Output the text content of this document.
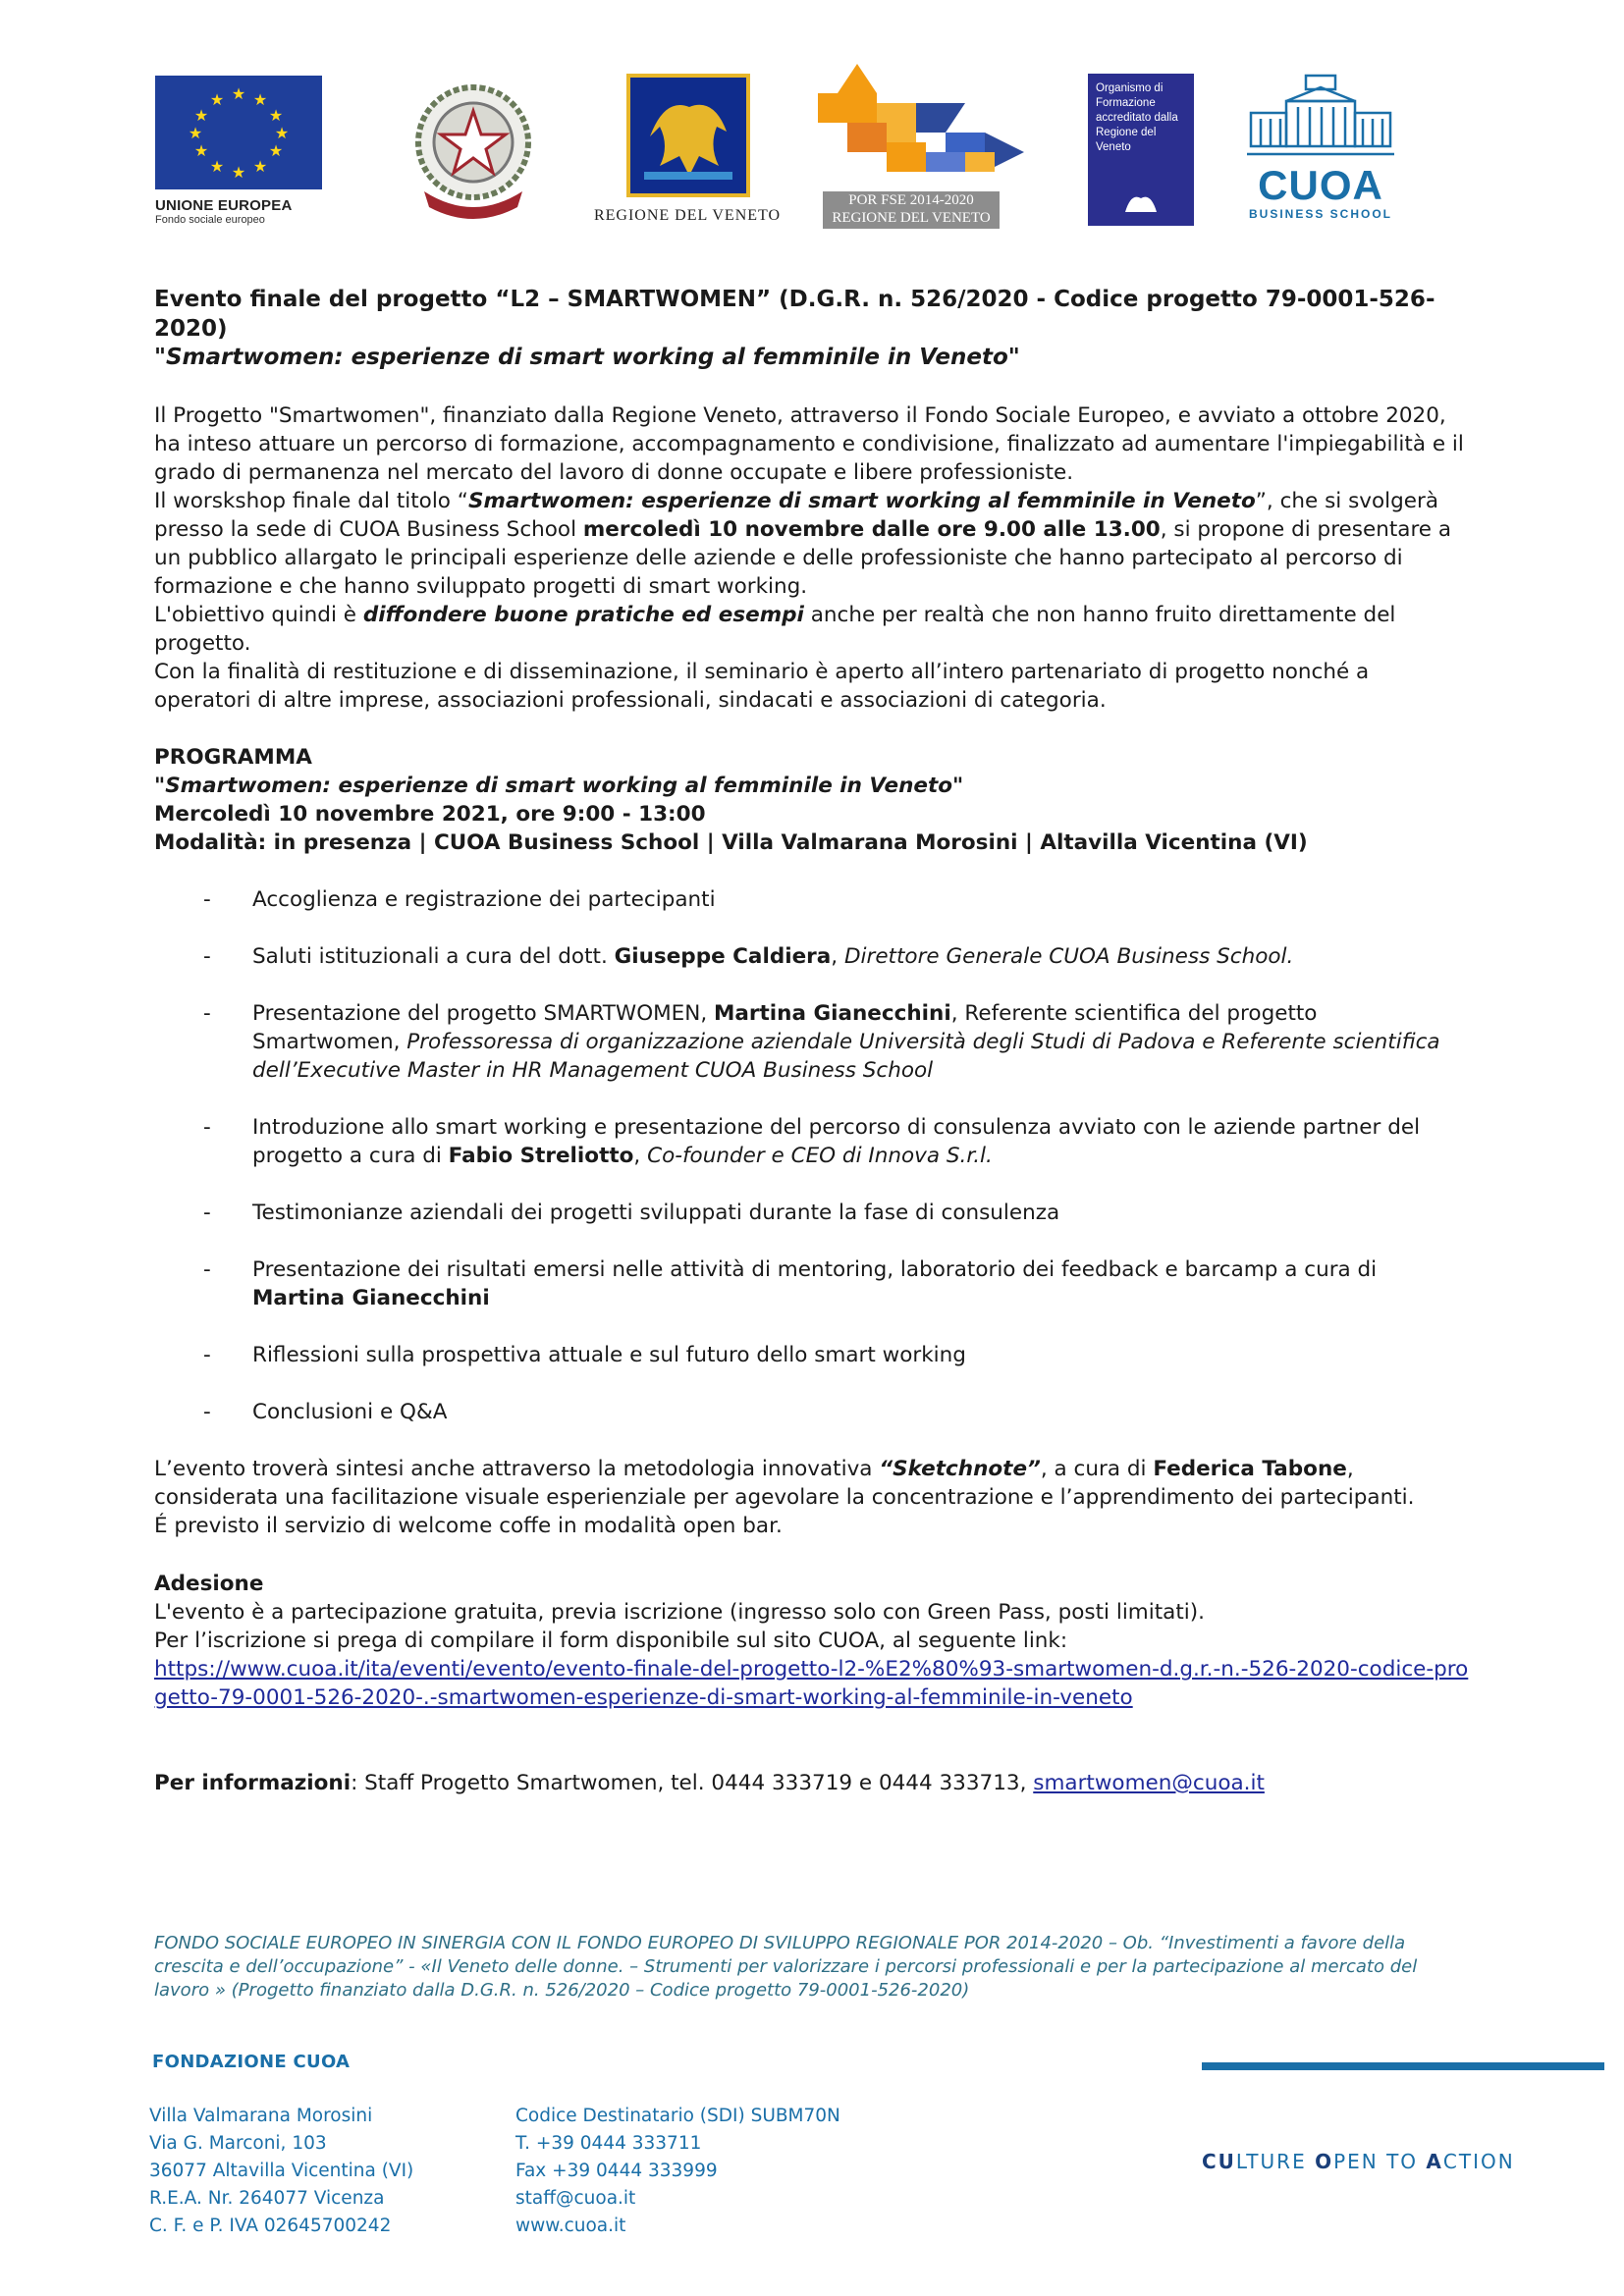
★ ★
★
★
★
★
★
★
★
★
★
★
UNIONE EUROPEA
Fondo sociale europeo	REGIONE DEL VENETO
POR FSE 2014-2020
REGIONE DEL VENETO
Organismo di Formazione accreditato dalla Regione del Veneto
CUOA
BUSINESS SCHOOL

Evento finale del progetto “L2 – SMARTWOMEN” (D.G.R. n. 526/2020 - Codice progetto 79-0001-526-2020)

"Smartwomen: esperienze di smart working al femminile in Veneto"

Il Progetto "Smartwomen", finanziato dalla Regione Veneto, attraverso il Fondo Sociale Europeo, e avviato a ottobre 2020, ha inteso attuare un percorso di formazione, accompagnamento e condivisione, finalizzato ad aumentare l'impiegabilità e il grado di permanenza nel mercato del lavoro di donne occupate e libere professioniste.

Il worskshop finale dal titolo “Smartwomen: esperienze di smart working al femminile in Veneto”, che si svolgerà presso la sede di CUOA Business School mercoledì 10 novembre dalle ore 9.00 alle 13.00, si propone di presentare a un pubblico allargato le principali esperienze delle aziende e delle professioniste che hanno partecipato al percorso di formazione e che hanno sviluppato progetti di smart working.

L'obiettivo quindi è diffondere buone pratiche ed esempi anche per realtà che non hanno fruito direttamente del progetto.

Con la finalità di restituzione e di disseminazione, il seminario è aperto all’intero partenariato di progetto nonché a operatori di altre imprese, associazioni professionali, sindacati e associazioni di categoria.

PROGRAMMA

"Smartwomen: esperienze di smart working al femminile in Veneto"

Mercoledì 10 novembre 2021, ore 9:00 - 13:00

Modalità: in presenza | CUOA Business School | Villa Valmarana Morosini | Altavilla Vicentina (VI)

- Accoglienza e registrazione dei partecipanti
- Saluti istituzionali a cura del dott. Giuseppe Caldiera, Direttore Generale CUOA Business School.
- Presentazione del progetto SMARTWOMEN, Martina Gianecchini, Referente scientifica del progetto Smartwomen, Professoressa di organizzazione aziendale Università degli Studi di Padova e Referente scientifica dell’Executive Master in HR Management CUOA Business School
- Introduzione allo smart working e presentazione del percorso di consulenza avviato con le aziende partner del progetto a cura di Fabio Streliotto, Co-founder e CEO di Innova S.r.l.
- Testimonianze aziendali dei progetti sviluppati durante la fase di consulenza
- Presentazione dei risultati emersi nelle attività di mentoring, laboratorio dei feedback e barcamp a cura di Martina Gianecchini
- Riflessioni sulla prospettiva attuale e sul futuro dello smart working
- Conclusioni e Q&A

L’evento troverà sintesi anche attraverso la metodologia innovativa “Sketchnote”, a cura di Federica Tabone, considerata una facilitazione visuale esperienziale per agevolare la concentrazione e l’apprendimento dei partecipanti.

É previsto il servizio di welcome coffe in modalità open bar.

Adesione

L'evento è a partecipazione gratuita, previa iscrizione (ingresso solo con Green Pass, posti limitati).

Per l’iscrizione si prega di compilare il form disponibile sul sito CUOA, al seguente link:

https://www.cuoa.it/ita/eventi/evento/evento-finale-del-progetto-l2-%E2%80%93-smartwomen-d.g.r.-n.-526-2020-codice-progetto-79-0001-526-2020-.-smartwomen-esperienze-di-smart-working-al-femminile-in-veneto

Per informazioni: Staff Progetto Smartwomen, tel. 0444 333719 e 0444 333713, smartwomen@cuoa.it

FONDO SOCIALE EUROPEO IN SINERGIA CON IL FONDO EUROPEO DI SVILUPPO REGIONALE POR 2014-2020 – Ob. “Investimenti a favore della crescita e dell’occupazione” - «Il Veneto delle donne. – Strumenti per valorizzare i percorsi professionali e per la partecipazione al mercato del lavoro » (Progetto finanziato dalla D.G.R. n. 526/2020 – Codice progetto 79-0001-526-2020)
FONDAZIONE CUOA
Villa Valmarana Morosini
Via G. Marconi, 103
36077 Altavilla Vicentina (VI)
R.E.A. Nr. 264077 Vicenza
C. F. e P. IVA 02645700242
Codice Destinatario (SDI) SUBM70N
T. +39 0444 333711
Fax +39 0444 333999
staff@cuoa.it
www.cuoa.it
CULTURE OPEN TO ACTION
